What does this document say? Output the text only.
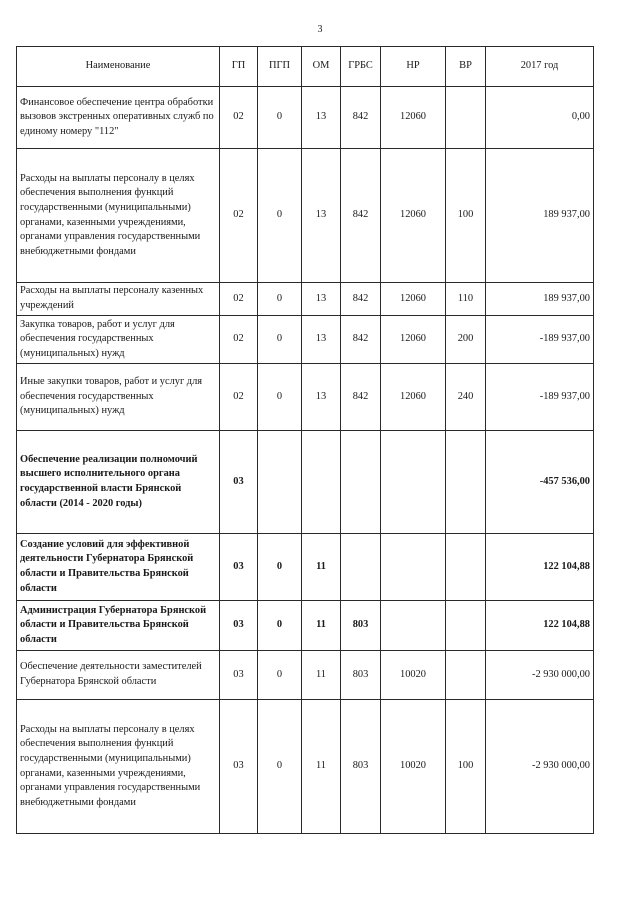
3
Наименование	ГП	ПГП	ОМ	ГРБС	НР	ВР	2017 год
Финансовое обеспечение центра обработки вызовов экстренных оперативных служб по единому номеру "112"	02	0	13	842	12060		0,00
Расходы на выплаты персоналу в целях обеспечения выполнения функций государственными (муниципальными) органами, казенными учреждениями, органами управления государственными внебюджетными фондами	02	0	13	842	12060	100	189 937,00
Расходы на выплаты персоналу казенных учреждений	02	0	13	842	12060	110	189 937,00
Закупка товаров, работ и услуг для обеспечения государственных (муниципальных) нужд	02	0	13	842	12060	200	-189 937,00
Иные закупки товаров, работ и услуг для обеспечения государственных (муниципальных) нужд	02	0	13	842	12060	240	-189 937,00
Обеспечение реализации полномочий высшего исполнительного органа государственной власти Брянской области (2014 - 2020 годы)	03						-457 536,00
Создание условий для эффективной деятельности Губернатора Брянской области и Правительства Брянской области	03	0	11				122 104,88
Администрация Губернатора Брянской области и Правительства Брянской области	03	0	11	803			122 104,88
Обеспечение деятельности заместителей Губернатора Брянской области	03	0	11	803	10020		-2 930 000,00
Расходы на выплаты персоналу в целях обеспечения выполнения функций государственными (муниципальными) органами, казенными учреждениями, органами управления государственными внебюджетными фондами	03	0	11	803	10020	100	-2 930 000,00
